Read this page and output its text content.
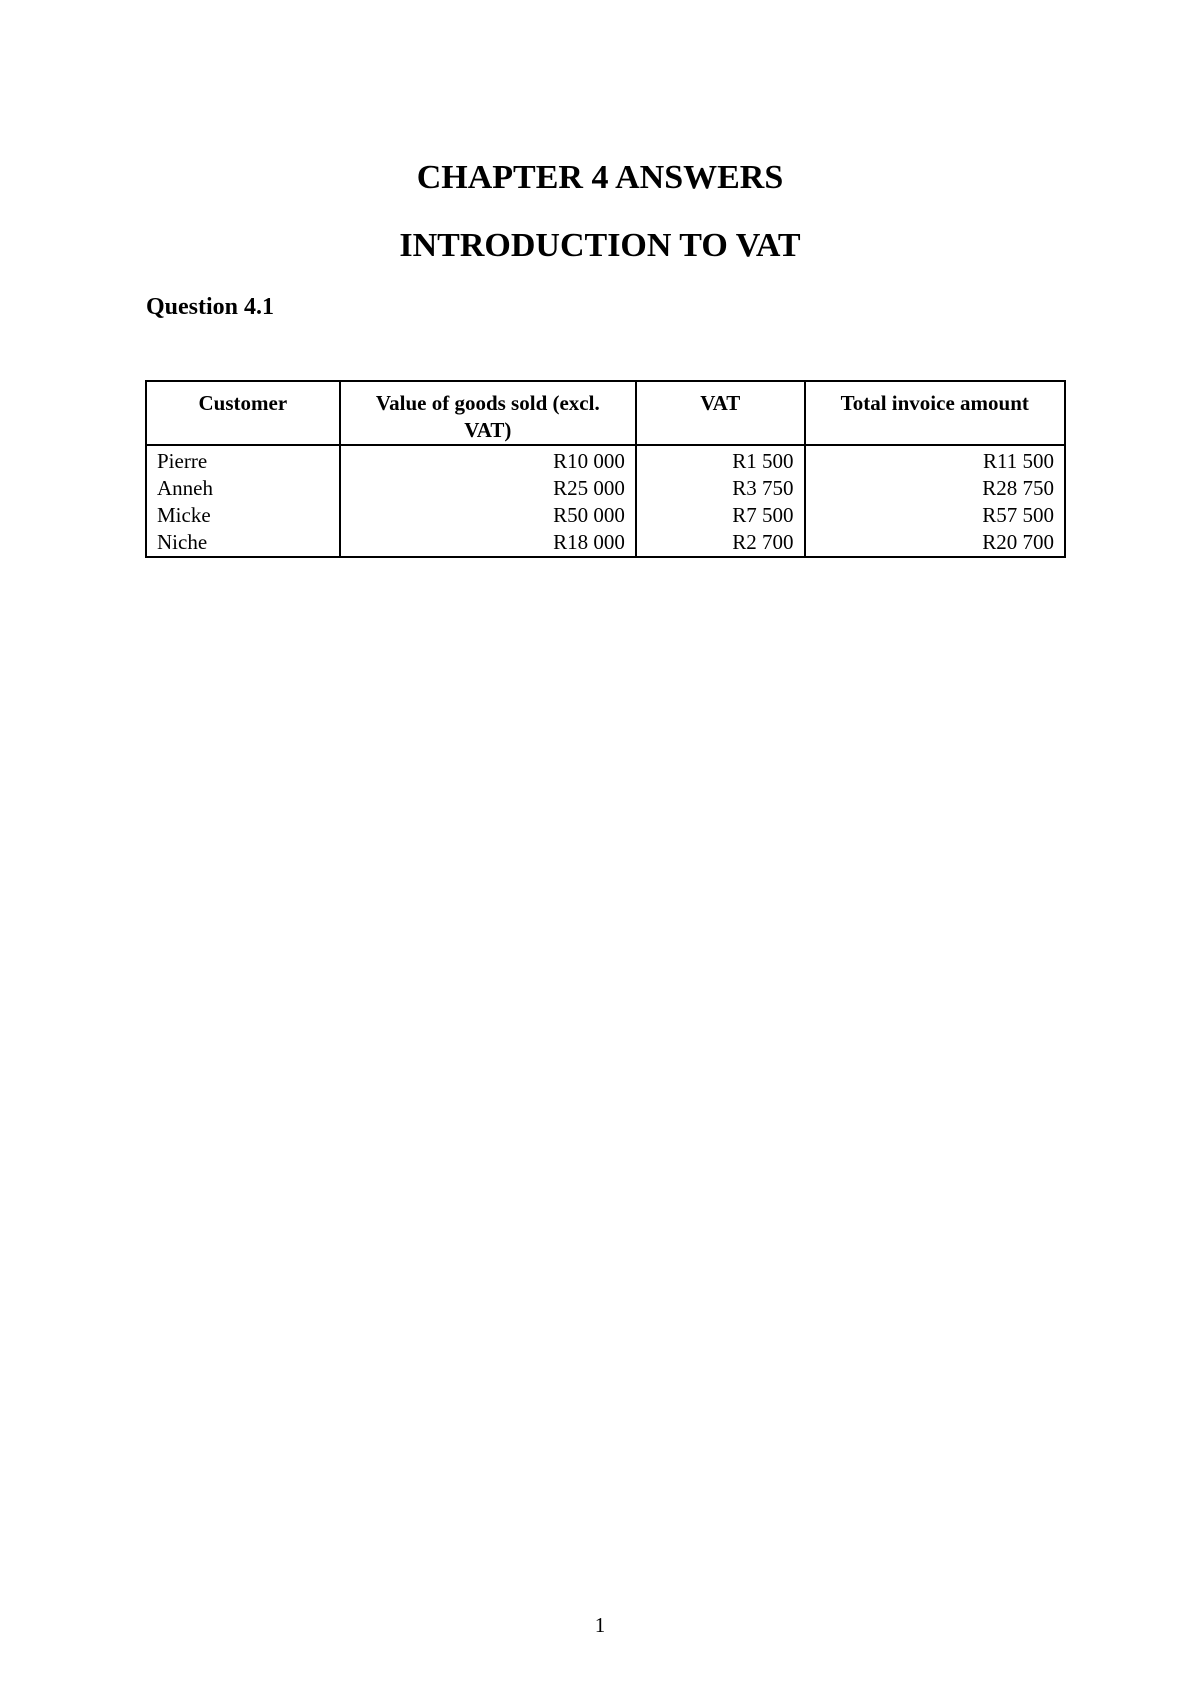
CHAPTER 4 ANSWERS
INTRODUCTION TO VAT
Question 4.1
Customer	Value of goods sold (excl. VAT)	VAT	Total invoice amount
Pierre	R10 000	R1 500	R11 500
Anneh	R25 000	R3 750	R28 750
Micke	R50 000	R7 500	R57 500
Niche	R18 000	R2 700	R20 700
1
